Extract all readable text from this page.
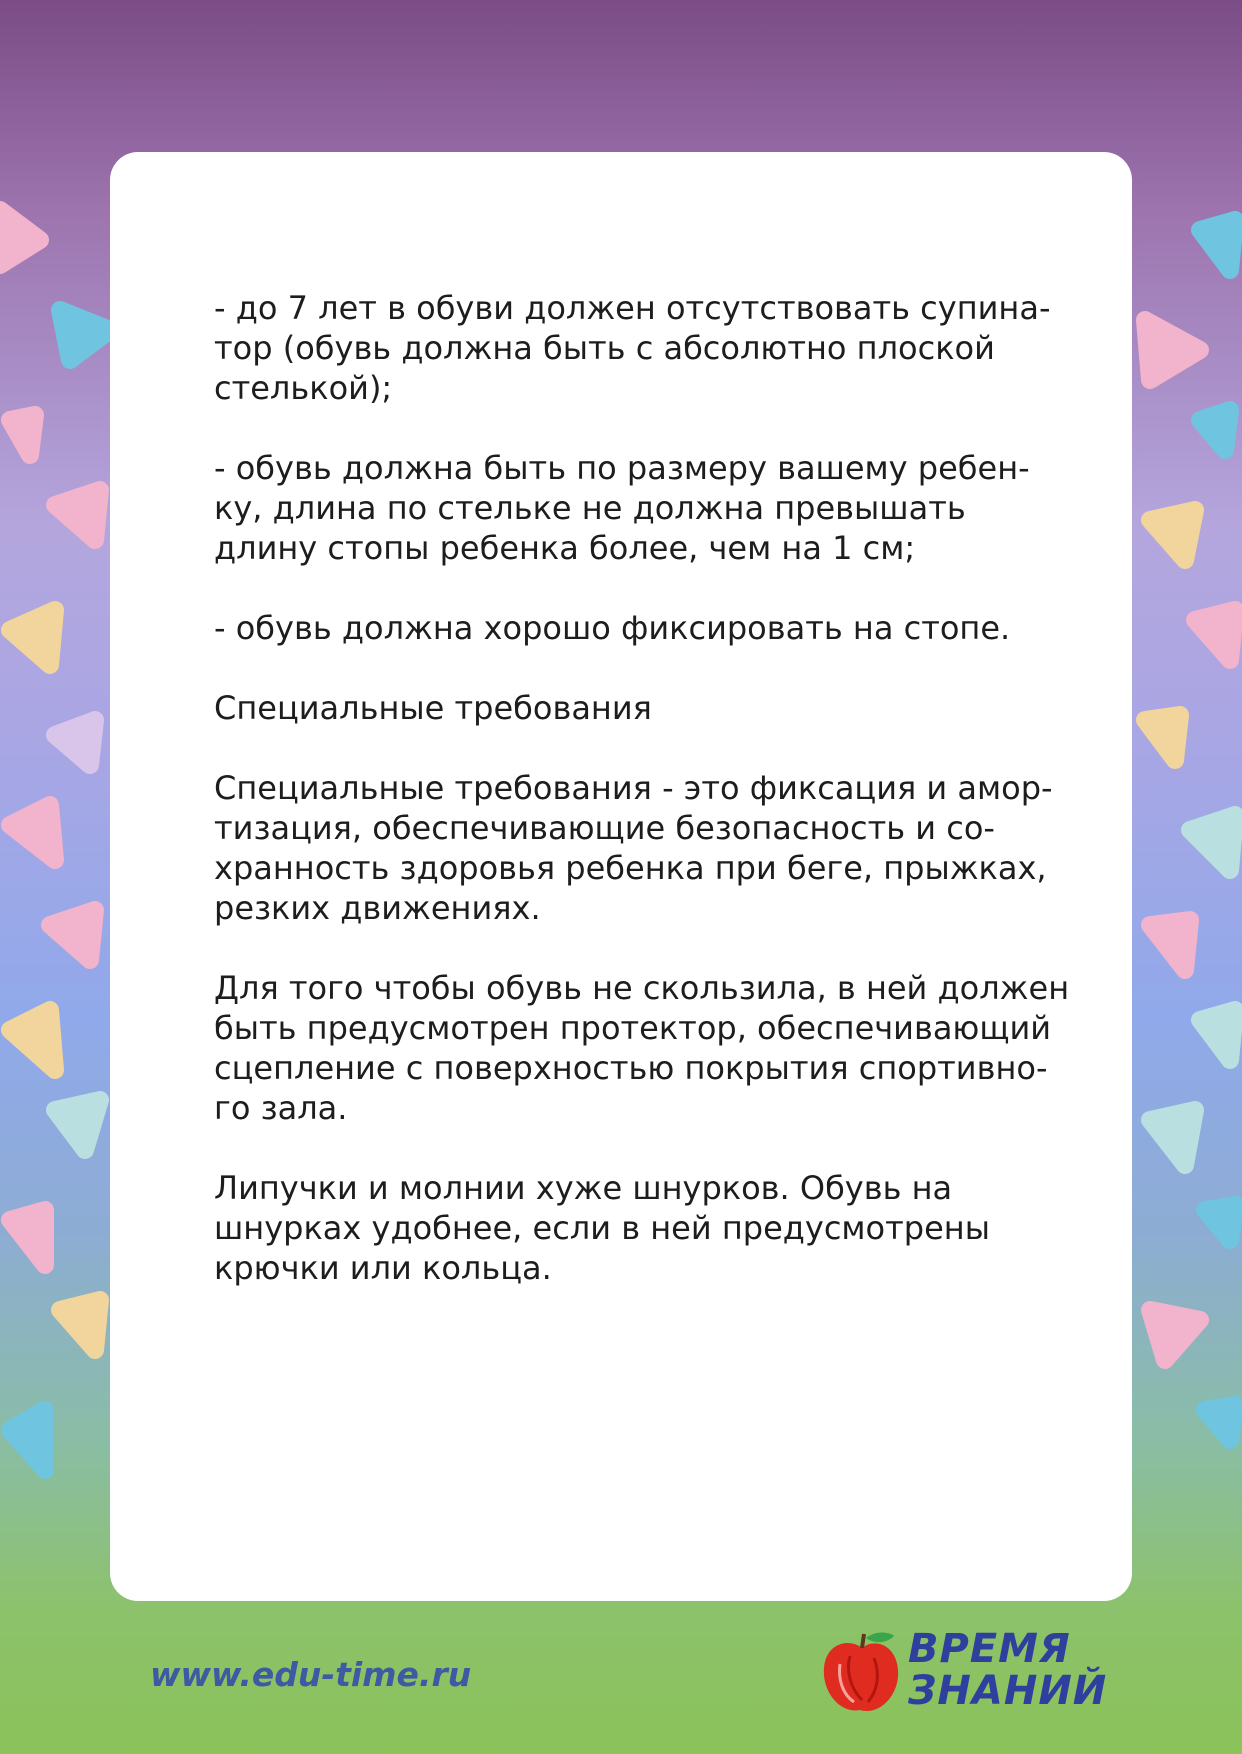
- до 7 лет в обуви должен отсутствовать супина-
тор (обувь должна быть с абсолютно плоской
стелькой);

- обувь должна быть по размеру вашему ребен-
ку, длина по стельке не должна превышать
длину стопы ребенка более, чем на 1 см;

- обувь должна хорошо фиксировать на стопе.

Специальные требования

Специальные требования - это фиксация и амор-
тизация, обеспечивающие безопасность и со-
хранность здоровья ребенка при беге, прыжках,
резких движениях.

Для того чтобы обувь не скользила, в ней должен
быть предусмотрен протектор, обеспечивающий
сцепление с поверхностью покрытия спортивно-
го зала.

Липучки и молнии хуже шнурков. Обувь на
шнурках удобнее, если в ней предусмотрены
крючки или кольца.

www.edu-time.ru
ВРЕМЯ
ЗНАНИЙ
